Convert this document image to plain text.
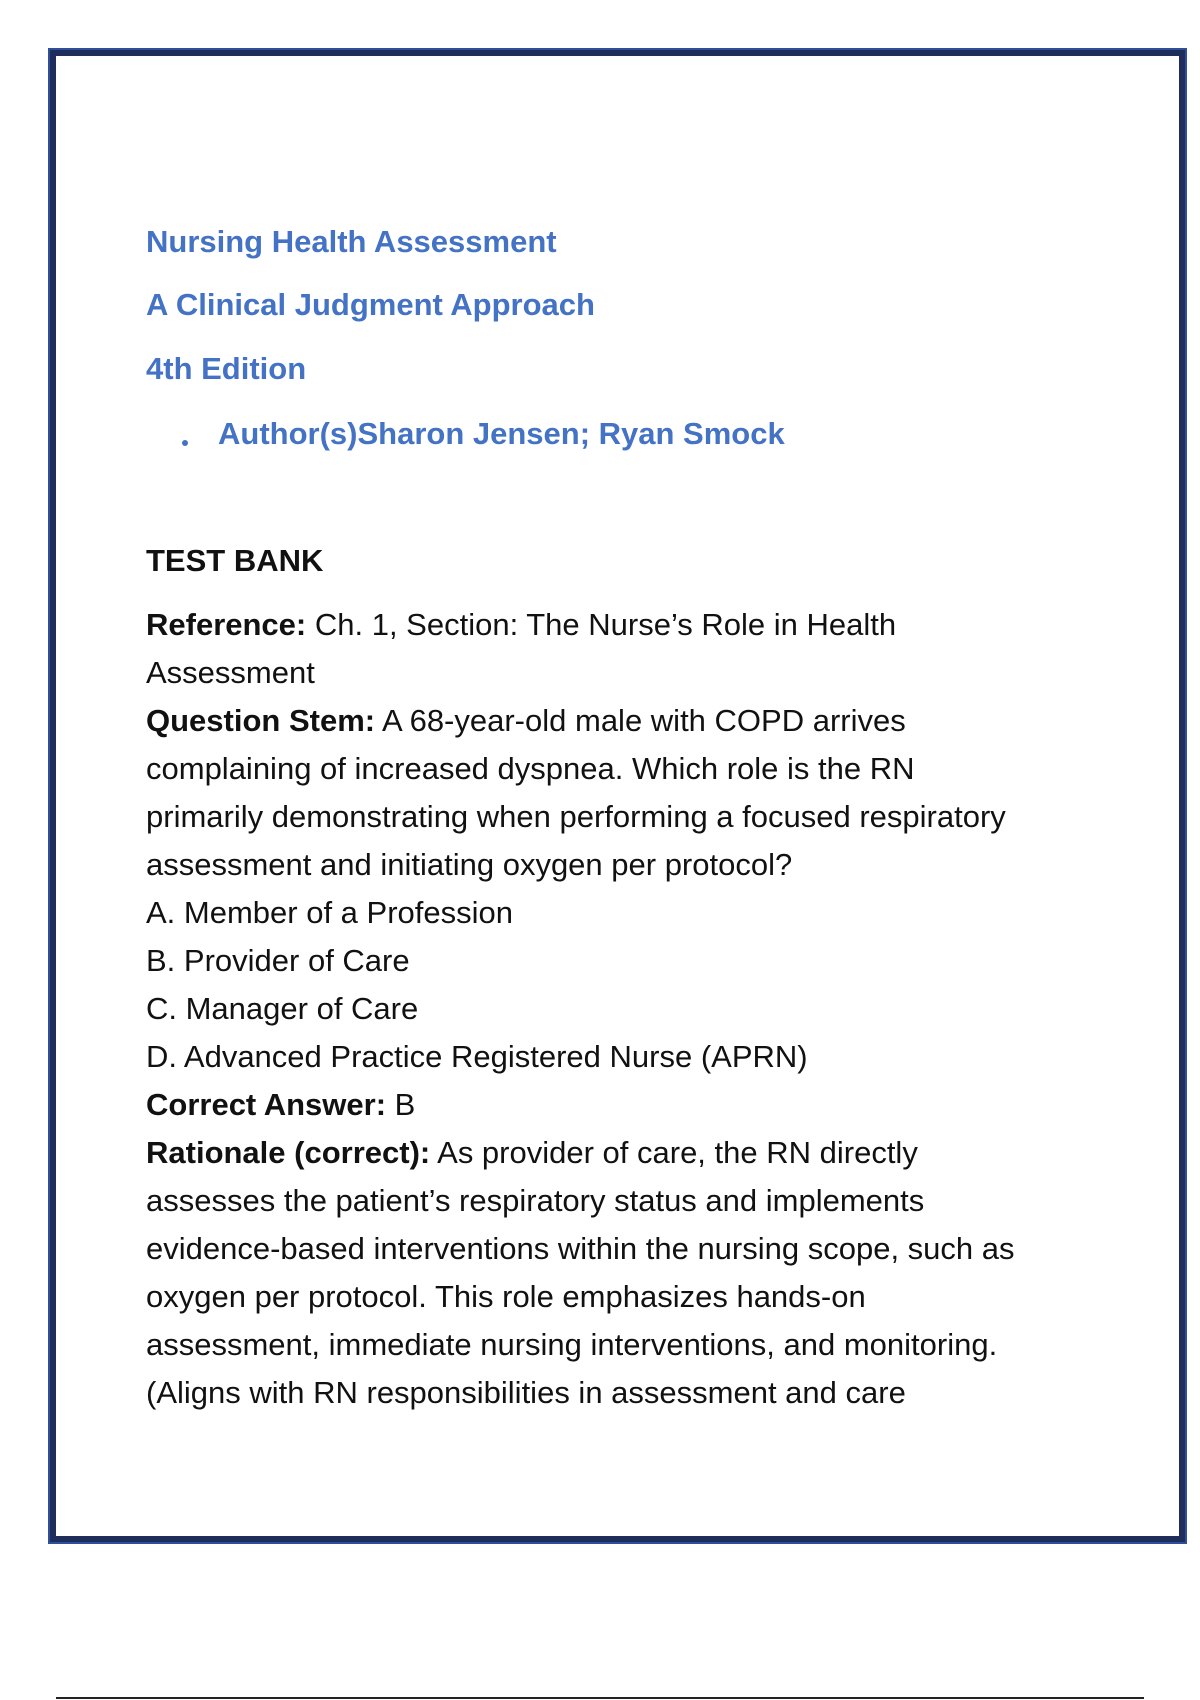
Nursing Health Assessment
A Clinical Judgment Approach
4th Edition
Author(s)Sharon Jensen; Ryan Smock
TEST BANK
Reference: Ch. 1, Section: The Nurse’s Role in Health
Assessment
Question Stem: A 68-year-old male with COPD arrives
complaining of increased dyspnea. Which role is the RN
primarily demonstrating when performing a focused respiratory
assessment and initiating oxygen per protocol?
A. Member of a Profession
B. Provider of Care
C. Manager of Care
D. Advanced Practice Registered Nurse (APRN)
Correct Answer: B
Rationale (correct): As provider of care, the RN directly
assesses the patient’s respiratory status and implements
evidence-based interventions within the nursing scope, such as
oxygen per protocol. This role emphasizes hands-on
assessment, immediate nursing interventions, and monitoring.
(Aligns with RN responsibilities in assessment and care
